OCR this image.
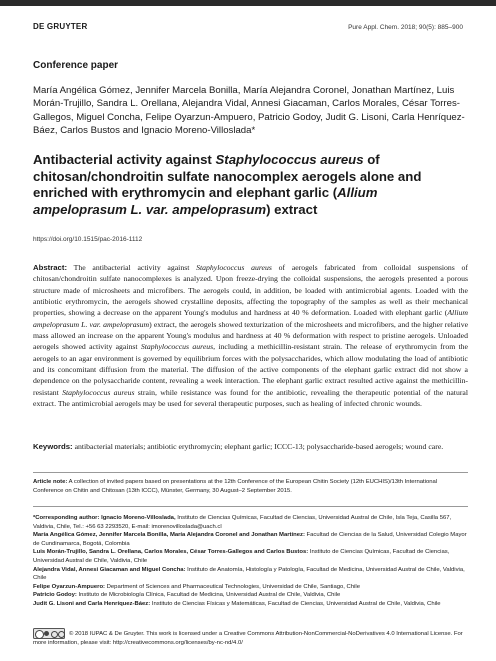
DE GRUYTER	Pure Appl. Chem. 2018; 90(5): 885–900
Conference paper
María Angélica Gómez, Jennifer Marcela Bonilla, María Alejandra Coronel, Jonathan Martínez, Luis Morán-Trujillo, Sandra L. Orellana, Alejandra Vidal, Annesi Giacaman, Carlos Morales, César Torres-Gallegos, Miguel Concha, Felipe Oyarzun-Ampuero, Patricio Godoy, Judit G. Lisoni, Carla Henríquez-Báez, Carlos Bustos and Ignacio Moreno-Villoslada*
Antibacterial activity against Staphylococcus aureus of chitosan/chondroitin sulfate nanocomplex aerogels alone and enriched with erythromycin and elephant garlic (Allium ampeloprasum L. var. ampeloprasum) extract
https://doi.org/10.1515/pac-2016-1112
Abstract: The antibacterial activity against Staphylococcus aureus of aerogels fabricated from colloidal suspensions of chitosan/chondroitin sulfate nanocomplexes is analyzed. Upon freeze-drying the colloidal suspensions, the aerogels presented a porous structure made of microsheets and microfibers. The aerogels could, in addition, be loaded with antimicrobial agents. Loaded with the antibiotic erythromycin, the aerogels showed crystalline deposits, affecting the topography of the samples as well as their mechanical properties, showing a decrease on the apparent Young's modulus and hardness at 40 % deformation. Loaded with elephant garlic (Allium ampeloprasum L. var. ampeloprasum) extract, the aerogels showed texturization of the microsheets and microfibers, and the higher relative mass allowed an increase on the apparent Young's modulus and hardness at 40 % deformation with respect to pristine aerogels. Unloaded aerogels showed activity against Staphylococcus aureus, including a methicillin-resistant strain. The release of erythromycin from the aerogels to an agar environment is governed by equilibrium forces with the polysaccharides, which allow modulating the load of antibiotic and its concomitant diffusion from the material. The diffusion of the active components of the elephant garlic extract did not show a dependence on the polysaccharide content, revealing a week interaction. The elephant garlic extract resulted active against the methicillin-resistant Staphylococcus aureus strain, while resistance was found for the antibiotic, revealing the therapeutic potential of the natural extract. The antimicrobial aerogels may be used for several therapeutic purposes, such as healing of infected chronic wounds.
Keywords: antibacterial materials; antibiotic erythromycin; elephant garlic; ICCC-13; polysaccharide-based aerogels; wound care.
Article note: A collection of invited papers based on presentations at the 12th Conference of the European Chitin Society (12th EUCHIS)/13th International Conference on Chitin and Chitosan (13th ICCC), Münster, Germany, 30 August–2 September 2015.

*Corresponding author: Ignacio Moreno-Villoslada, Instituto de Ciencias Químicas, Facultad de Ciencias, Universidad Austral de Chile, Isla Teja, Casilla 567, Valdivia, Chile, Tel.: +56 63 2293520, E-mail: imorenovilloslada@uach.cl

María Angélica Gómez, Jennifer Marcela Bonilla, María Alejandra Coronel and Jonathan Martínez: Facultad de Ciencias de la Salud, Universidad Colegio Mayor de Cundinamarca, Bogotá, Colombia

Luis Morán-Trujillo, Sandra L. Orellana, Carlos Morales, César Torres-Gallegos and Carlos Bustos: Instituto de Ciencias Químicas, Facultad de Ciencias, Universidad Austral de Chile, Valdivia, Chile

Alejandra Vidal, Annesi Giacaman and Miguel Concha: Instituto de Anatomía, Histología y Patología, Facultad de Medicina, Universidad Austral de Chile, Valdivia, Chile

Felipe Oyarzun-Ampuero: Department of Sciences and Pharmaceutical Technologies, Universidad de Chile, Santiago, Chile

Patricio Godoy: Instituto de Microbiología Clínica, Facultad de Medicina, Universidad Austral de Chile, Valdivia, Chile

Judit G. Lisoni and Carla Henríquez-Báez: Instituto de Ciencias Físicas y Matemáticas, Facultad de Ciencias, Universidad Austral de Chile, Valdivia, Chile

© 2018 IUPAC & De Gruyter. This work is licensed under a Creative Commons Attribution-NonCommercial-NoDerivatives 4.0 International License. For more information, please visit: http://creativecommons.org/licenses/by-nc-nd/4.0/
